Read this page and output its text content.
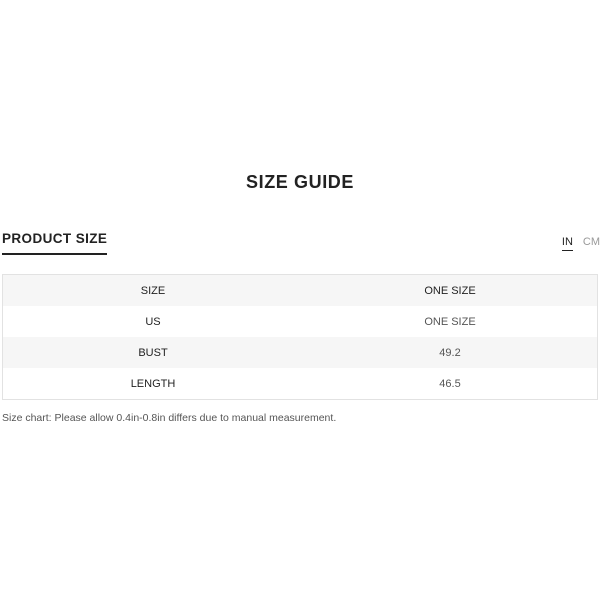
SIZE GUIDE
PRODUCT SIZE	IN CM
SIZE	ONE SIZE
US	ONE SIZE
BUST	49.2
LENGTH	46.5
Size chart: Please allow 0.4in-0.8in differs due to manual measurement.
